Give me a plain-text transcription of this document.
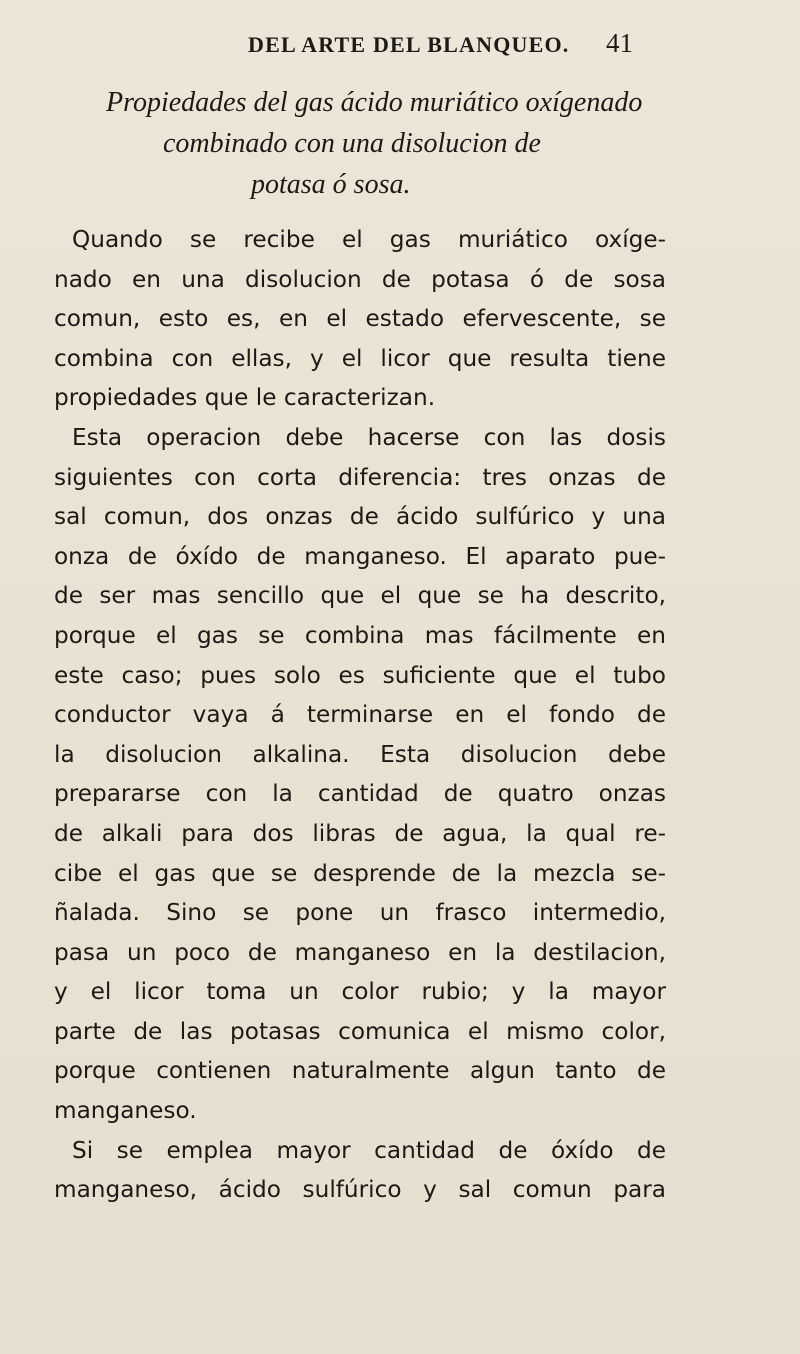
DEL ARTE DEL BLANQUEO. 41
Propiedades del gas ácido muriático oxígenado
combinado con una disolucion de
potasa ó sosa.
Quando se recibe el gas muriático oxíge-
nado en una disolucion de potasa ó de sosa
comun, esto es, en el estado efervescente, se
combina con ellas, y el licor que resulta tiene
propiedades que le caracterizan.
Esta operacion debe hacerse con las dosis
siguientes con corta diferencia: tres onzas de
sal comun, dos onzas de ácido sulfúrico y una
onza de óxído de manganeso. El aparato pue-
de ser mas sencillo que el que se ha descrito,
porque el gas se combina mas fácilmente en
este caso; pues solo es suficiente que el tubo
conductor vaya á terminarse en el fondo de
la disolucion alkalina. Esta disolucion debe
prepararse con la cantidad de quatro onzas
de alkali para dos libras de agua, la qual re-
cibe el gas que se desprende de la mezcla se-
ñalada. Sino se pone un frasco intermedio,
pasa un poco de manganeso en la destilacion,
y el licor toma un color rubio; y la mayor
parte de las potasas comunica el mismo color,
porque contienen naturalmente algun tanto de
manganeso.
Si se emplea mayor cantidad de óxído de
manganeso, ácido sulfúrico y sal comun para
